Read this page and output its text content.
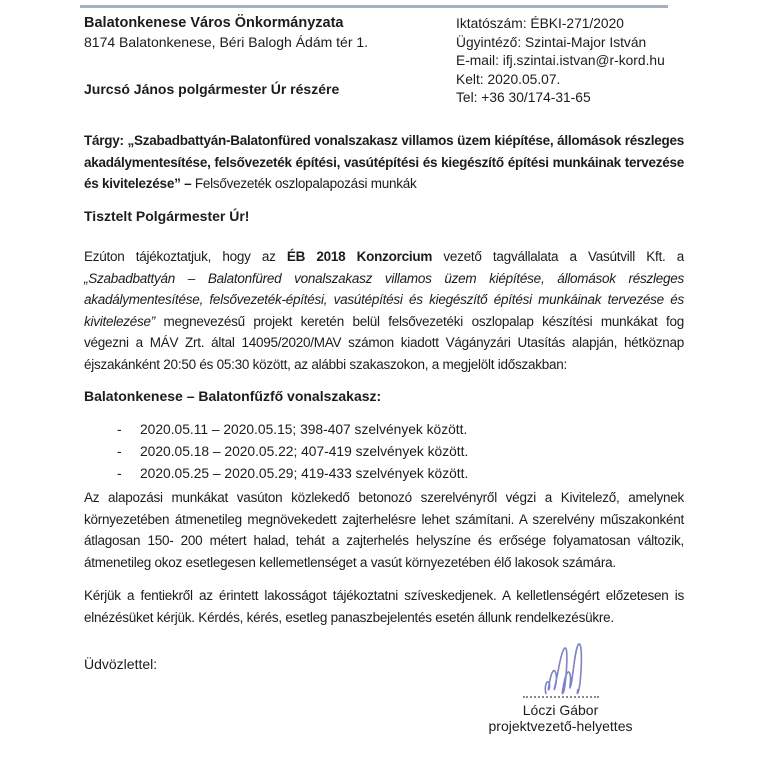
Balatonkenese Város Önkormányzata
8174 Balatonkenese, Béri Balogh Ádám tér 1.
Jurcsó János polgármester Úr részére
Iktatószám: ÉBKI-271/2020
Ügyintéző: Szintai-Major István
E-mail: ifj.szintai.istvan@r-kord.hu
Kelt: 2020.05.07.
Tel: +36 30/174-31-65
Tárgy: „Szabadbattyán-Balatonfüred vonalszakasz villamos üzem kiépítése, állomások részleges akadálymentesítése, felsővezeték építési, vasútépítési és kiegészítő építési munkáinak tervezése és kivitelezése” – Felsővezeték oszlopalapozási munkák
Tisztelt Polgármester Úr!
Ezúton tájékoztatjuk, hogy az ÉB 2018 Konzorcium vezető tagvállalata a Vasútvill Kft. a „Szabadbattyán – Balatonfüred vonalszakasz villamos üzem kiépítése, állomások részleges akadálymentesítése, felsővezeték-építési, vasútépítési és kiegészítő építési munkáinak tervezése és kivitelezése” megnevezésű projekt keretén belül felsővezetéki oszlopalap készítési munkákat fog végezni a MÁV Zrt. által 14095/2020/MAV számon kiadott Vágányzári Utasítás alapján, hétköznap éjszakánként 20:50 és 05:30 között, az alábbi szakaszokon, a megjelölt időszakban:
Balatonkenese – Balatonfűzfő vonalszakasz:
-	2020.05.11 – 2020.05.15; 398-407 szelvények között.
-	2020.05.18 – 2020.05.22; 407-419 szelvények között.
-	2020.05.25 – 2020.05.29; 419-433 szelvények között.
Az alapozási munkákat vasúton közlekedő betonozó szerelvényről végzi a Kivitelező, amelynek környezetében átmenetileg megnövekedett zajterhelésre lehet számítani. A szerelvény műszakonként átlagosan 150- 200 métert halad, tehát a zajterhelés helyszíne és erősége folyamatosan változik, átmenetileg okoz esetlegesen kellemetlenséget a vasút környezetében élő lakosok számára.
Kérjük a fentiekről az érintett lakosságot tájékoztatni szíveskedjenek. A kelletlenségért előzetesen is elnézésüket kérjük. Kérdés, kérés, esetleg panaszbejelentés esetén állunk rendelkezésükre.
Üdvözlettel:
Lóczi Gábor
projektvezető-helyettes
